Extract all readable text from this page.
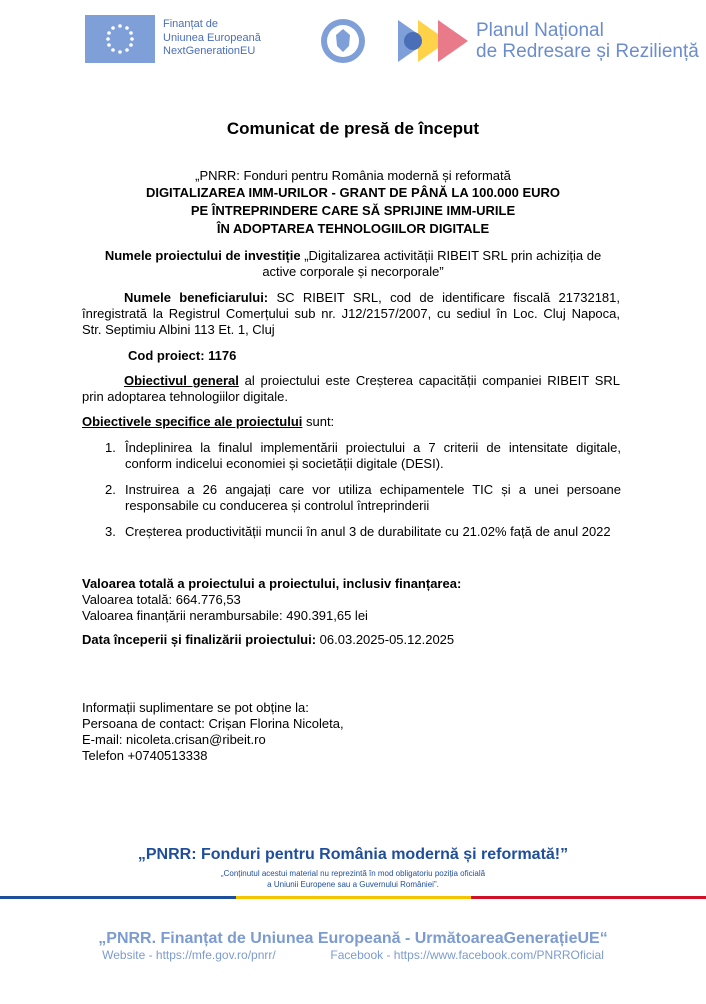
Finanțat de
Uniunea Europeană
NextGenerationEU
Planul Național
de Redresare și Reziliență
Comunicat de presă de început
„PNRR: Fonduri pentru România modernă și reformată
DIGITALIZAREA IMM-URILOR - GRANT DE PÂNĂ LA 100.000 EURO
PE ÎNTREPRINDERE CARE SĂ SPRIJINE IMM-URILE
ÎN ADOPTAREA TEHNOLOGIILOR DIGITALE
Numele proiectului de investiție „Digitalizarea activității RIBEIT SRL prin achiziția de
active corporale și necorporale”
Numele beneficiarului: SC RIBEIT SRL, cod de identificare fiscală 21732181,
înregistrată la Registrul Comerțului sub nr. J12/2157/2007, cu sediul în Loc. Cluj Napoca,
Str. Septimiu Albini 113 Et. 1, Cluj
Cod proiect: 1176
Obiectivul general al proiectului este Creșterea capacității companiei RIBEIT SRL
prin adoptarea tehnologiilor digitale.
Obiectivele specifice ale proiectului sunt:
1. Îndeplinirea la finalul implementării proiectului a 7 criterii de intensitate digitale,
conform indicelui economiei și societății digitale (DESI).
2. Instruirea a 26 angajați care vor utiliza echipamentele TIC și a unei persoane
responsabile cu conducerea și controlul întreprinderii
3. Creșterea productivității muncii în anul 3 de durabilitate cu 21.02% față de anul 2022
Valoarea totală a proiectului a proiectului, inclusiv finanțarea:
Valoarea totală: 664.776,53
Valoarea finanțării nerambursabile: 490.391,65 lei
Data începerii și finalizării proiectului: 06.03.2025-05.12.2025
Informații suplimentare se pot obține la:
Persoana de contact: Crișan Florina Nicoleta,
E-mail: nicoleta.crisan@ribeit.ro
Telefon +0740513338
„PNRR: Fonduri pentru România modernă și reformată!”
„Conținutul acestui material nu reprezintă în mod obligatoriu poziția oficială
a Uniunii Europene sau a Guvernului României”.
„PNRR. Finanțat de Uniunea Europeană - UrmătoareaGenerațieUE“
Website - https://mfe.gov.ro/pnrr/	Facebook - https://www.facebook.com/PNRROficial
